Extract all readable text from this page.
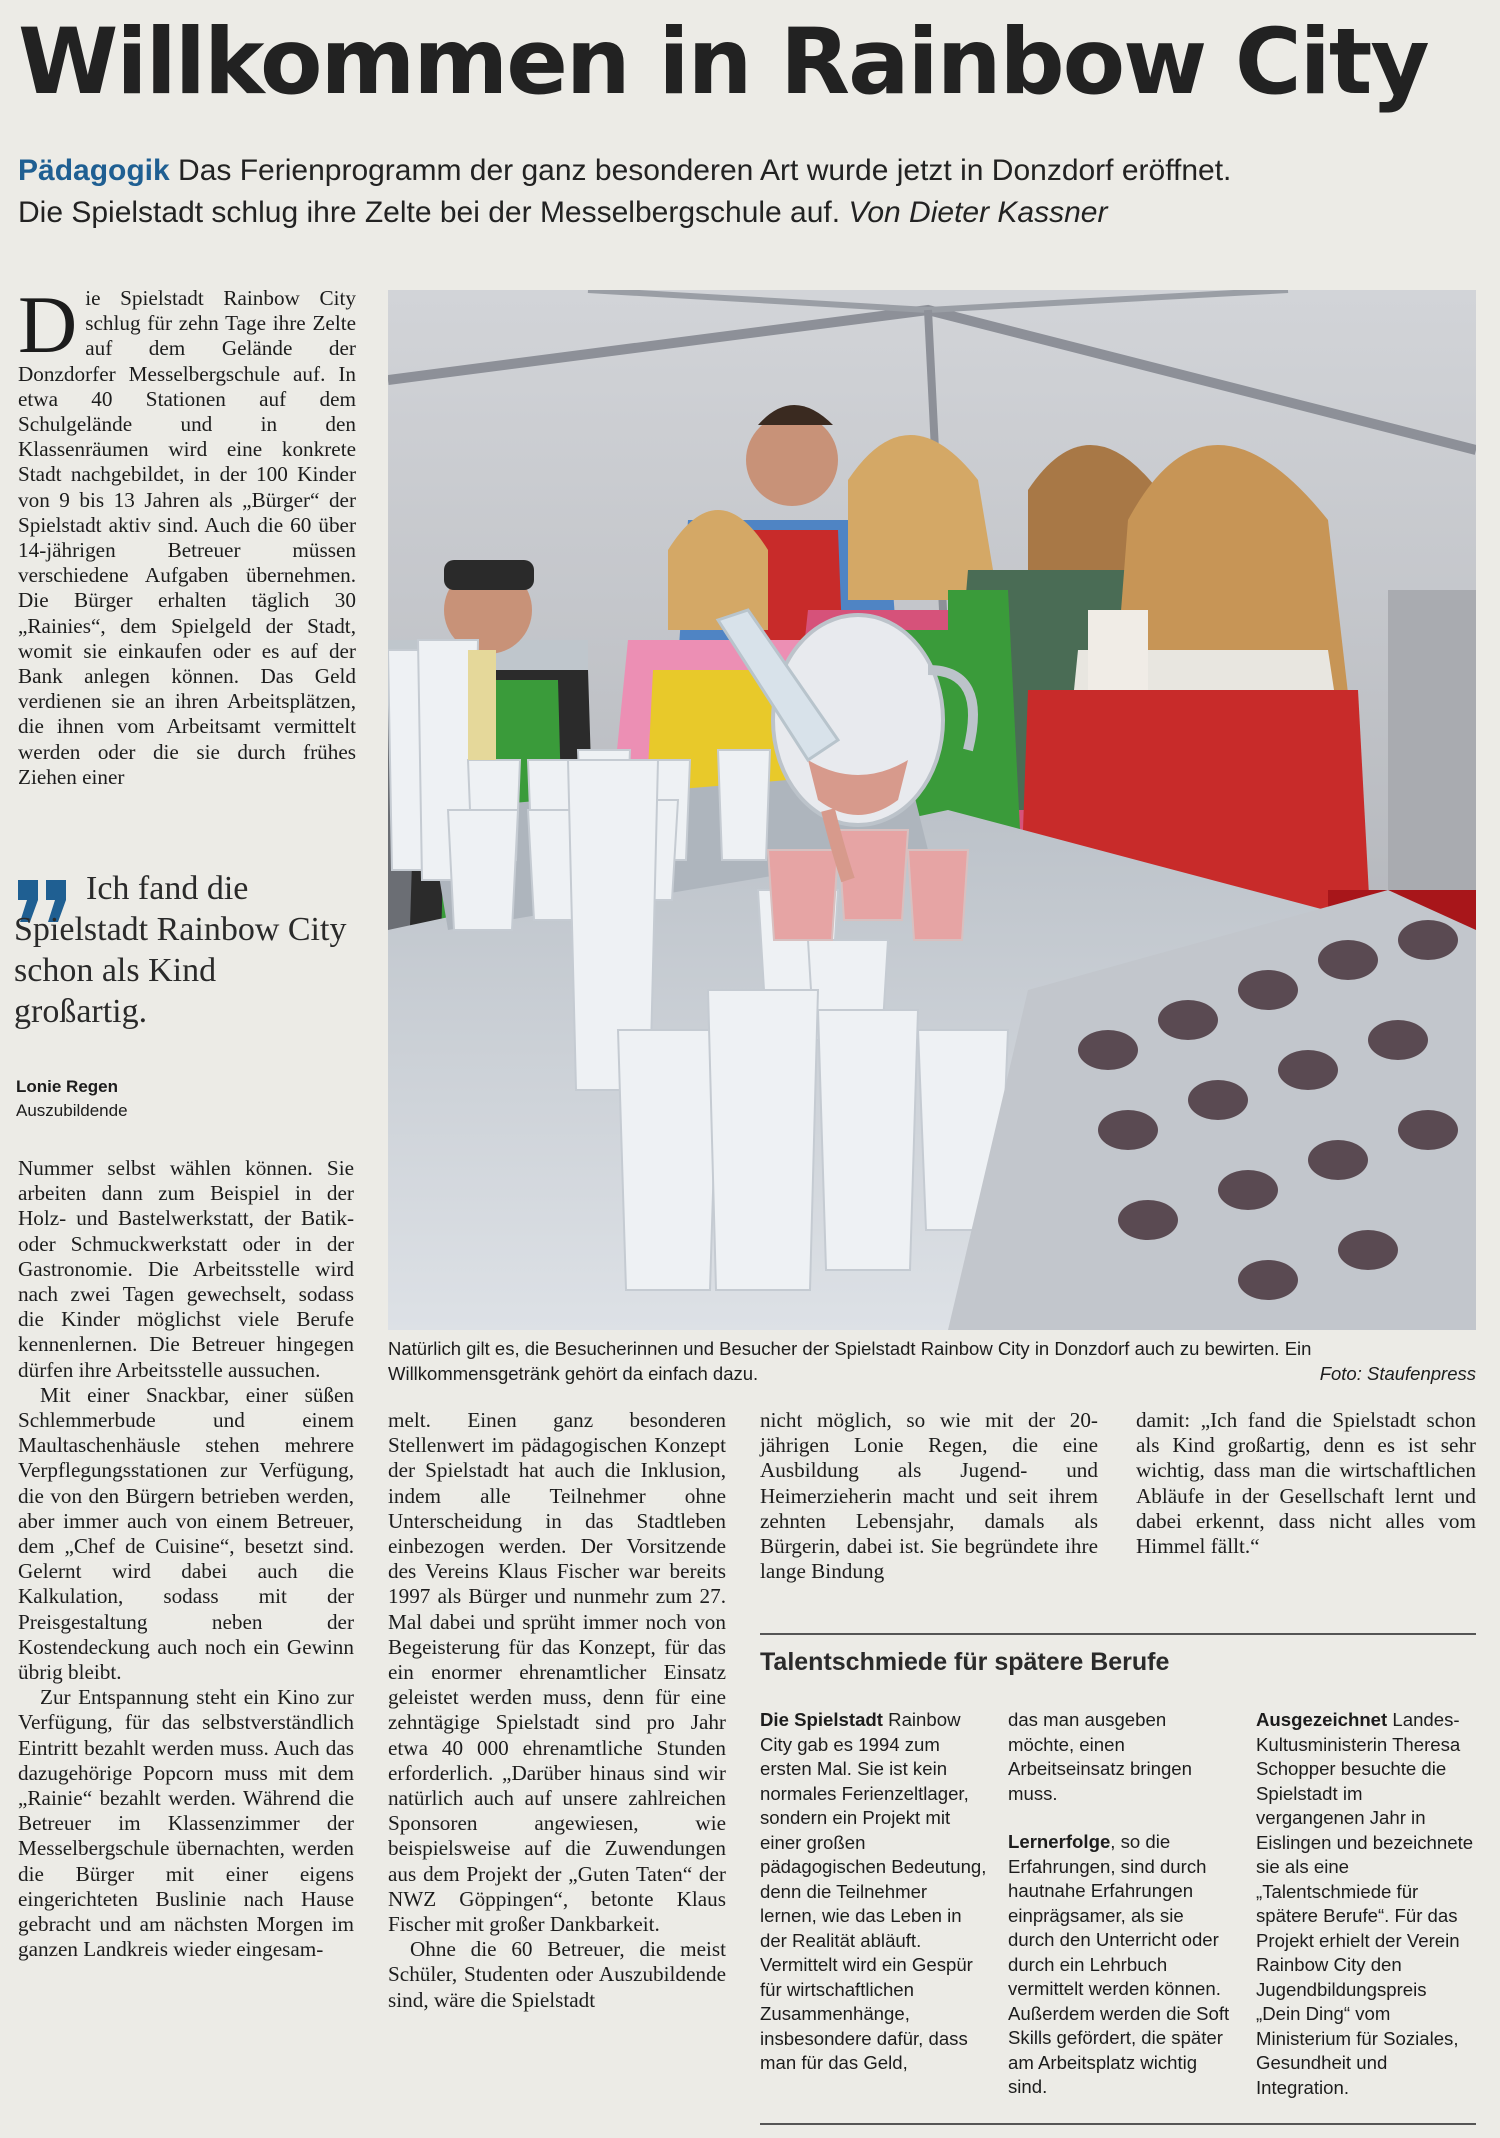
Willkommen in Rainbow City
Pädagogik Das Ferienprogramm der ganz besonderen Art wurde jetzt in Donzdorf eröffnet.
Die Spielstadt schlug ihre Zelte bei der Messelbergschule auf. Von Dieter Kassner

Die Spielstadt Rainbow City schlug für zehn Tage ihre Zelte auf dem Gelände der Donzdorfer Messelbergschule auf. In etwa 40 Stationen auf dem Schulgelände und in den Klassenräumen wird eine konkrete Stadt nachgebildet, in der 100 Kinder von 9 bis 13 Jahren als „Bürger“ der Spielstadt aktiv sind. Auch die 60 über 14-jährigen Betreuer müssen verschiedene Aufgaben übernehmen. Die Bürger erhalten täglich 30 „Rainies“, dem Spielgeld der Stadt, womit sie einkaufen oder es auf der Bank anlegen können. Das Geld verdienen sie an ihren Arbeitsplätzen, die ihnen vom Arbeitsamt vermittelt werden oder die sie durch frühes Ziehen einer

Ich fand die Spielstadt Rainbow City schon als Kind großartig.
Lonie Regen
Auszubildende

Nummer selbst wählen können. Sie arbeiten dann zum Beispiel in der Holz- und Bastelwerkstatt, der Batik- oder Schmuckwerkstatt oder in der Gastronomie. Die Arbeitsstelle wird nach zwei Tagen gewechselt, sodass die Kinder möglichst viele Berufe kennenlernen. Die Betreuer hingegen dürfen ihre Arbeitsstelle aussuchen.

Mit einer Snackbar, einer süßen Schlemmerbude und einem Maultaschenhäusle stehen mehrere Verpflegungsstationen zur Verfügung, die von den Bürgern betrieben werden, aber immer auch von einem Betreuer, dem „Chef de Cuisine“, besetzt sind. Gelernt wird dabei auch die Kalkulation, sodass mit der Preisgestaltung neben der Kostendeckung auch noch ein Gewinn übrig bleibt.

Zur Entspannung steht ein Kino zur Verfügung, für das selbstverständlich Eintritt bezahlt werden muss. Auch das dazugehörige Popcorn muss mit dem „Rainie“ bezahlt werden. Während die Betreuer im Klassenzimmer der Messelbergschule übernachten, werden die Bürger mit einer eigens eingerichteten Buslinie nach Hause gebracht und am nächsten Morgen im ganzen Landkreis wieder eingesam-

Natürlich gilt es, die Besucherinnen und Besucher der Spielstadt Rainbow City in Donzdorf auch zu bewirten. Ein Willkommensgetränk gehört da einfach dazu.	Foto: Staufenpress

melt. Einen ganz besonderen Stellenwert im pädagogischen Konzept der Spielstadt hat auch die Inklusion, indem alle Teilnehmer ohne Unterscheidung in das Stadtleben einbezogen werden. Der Vorsitzende des Vereins Klaus Fischer war bereits 1997 als Bürger und nunmehr zum 27. Mal dabei und sprüht immer noch von Begeisterung für das Konzept, für das ein enormer ehrenamtlicher Einsatz geleistet werden muss, denn für eine zehntägige Spielstadt sind pro Jahr etwa 40 000 ehrenamtliche Stunden erforderlich. „Darüber hinaus sind wir natürlich auch auf unsere zahlreichen Sponsoren angewiesen, wie beispielsweise auf die Zuwendungen aus dem Projekt der „Guten Taten“ der NWZ Göppingen“, betonte Klaus Fischer mit großer Dankbarkeit.

Ohne die 60 Betreuer, die meist Schüler, Studenten oder Auszubildende sind, wäre die Spielstadt

nicht möglich, so wie mit der 20-jährigen Lonie Regen, die eine Ausbildung als Jugend- und Heimerzieherin macht und seit ihrem zehnten Lebensjahr, damals als Bürgerin, dabei ist. Sie begründete ihre lange Bindung

damit: „Ich fand die Spielstadt schon als Kind großartig, denn es ist sehr wichtig, dass man die wirtschaftlichen Abläufe in der Gesellschaft lernt und dabei erkennt, dass nicht alles vom Himmel fällt.“

Talentschmiede für spätere Berufe

Die Spielstadt Rainbow City gab es 1994 zum ersten Mal. Sie ist kein normales Ferienzeltlager, sondern ein Projekt mit einer großen pädagogischen Bedeutung, denn die Teilnehmer lernen, wie das Leben in der Realität abläuft. Vermittelt wird ein Gespür für wirtschaftlichen Zusammenhänge, insbesondere dafür, dass man für das Geld,

das man ausgeben möchte, einen Arbeitseinsatz bringen muss.

Lernerfolge, so die Erfahrungen, sind durch hautnahe Erfahrungen einprägsamer, als sie durch den Unterricht oder durch ein Lehrbuch vermittelt werden können. Außerdem werden die Soft Skills gefördert, die später am Arbeitsplatz wichtig sind.

Ausgezeichnet Landes-Kultusministerin Theresa Schopper besuchte die Spielstadt im vergangenen Jahr in Eislingen und bezeichnete sie als eine „Talentschmiede für spätere Berufe“. Für das Projekt erhielt der Verein Rainbow City den Jugendbildungspreis „Dein Ding“ vom Ministerium für Soziales, Gesundheit und Integration.
